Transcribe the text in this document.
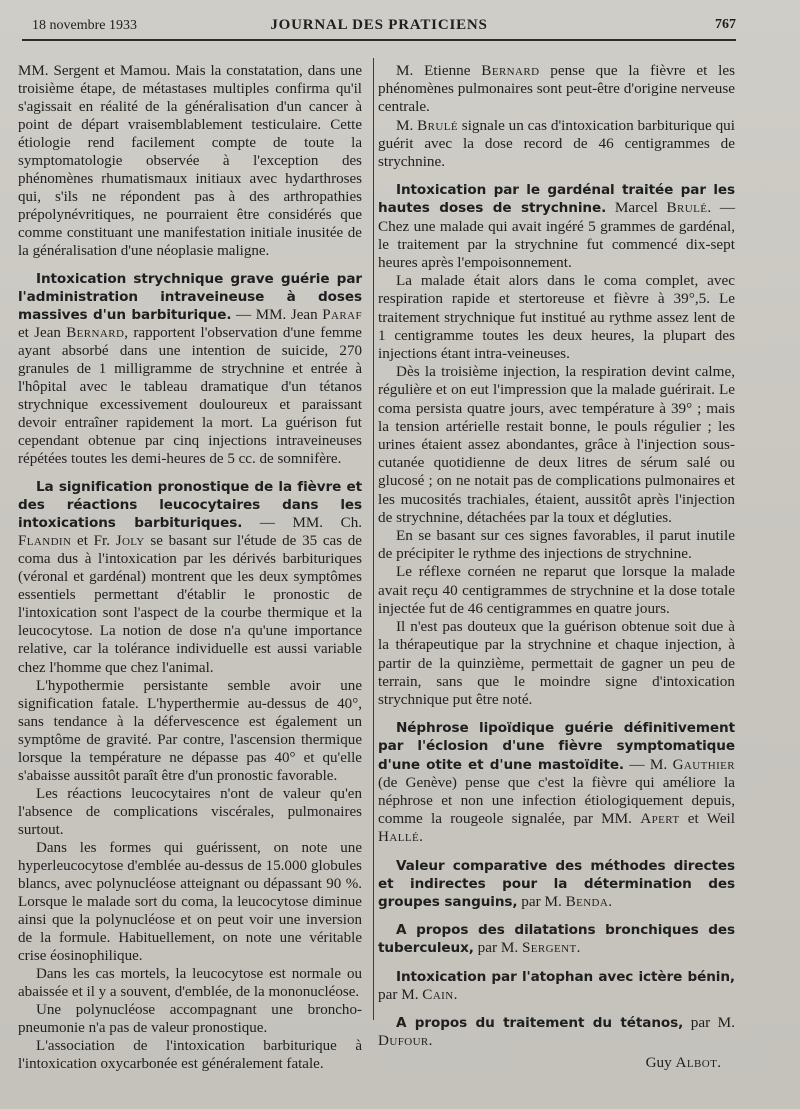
18 novembre 1933	JOURNAL DES PRATICIENS	767

MM. Sergent et Mamou. Mais la constatation, dans une troisième étape, de métastases multiples confirma qu'il s'agissait en réalité de la généralisation d'un cancer à point de départ vraisemblablement testiculaire. Cette étiologie rend facilement compte de toute la symptomatologie observée à l'exception des phénomènes rhumatismaux initiaux avec hydarthroses qui, s'ils ne répondent pas à des arthropathies prépolynévritiques, ne pourraient être considérés que comme constituant une manifestation initiale inusitée de la généralisation d'une néoplasie maligne.

Intoxication strychnique grave guérie par l'administration intraveineuse à doses massives d'un barbiturique. — MM. Jean Paraf et Jean Bernard, rapportent l'observation d'une femme ayant absorbé dans une intention de suicide, 270 granules de 1 milligramme de strychnine et entrée à l'hôpital avec le tableau dramatique d'un tétanos strychnique excessivement douloureux et paraissant devoir entraîner rapidement la mort. La guérison fut cependant obtenue par cinq injections intraveineuses répétées toutes les demi-heures de 5 cc. de somnifère.

La signification pronostique de la fièvre et des réactions leucocytaires dans les intoxications barbituriques. — MM. Ch. Flandin et Fr. Joly se basant sur l'étude de 35 cas de coma dus à l'intoxication par les dérivés barbituriques (véronal et gardénal) montrent que les deux symptômes essentiels permettant d'établir le pronostic de l'intoxication sont l'aspect de la courbe thermique et la leucocytose. La notion de dose n'a qu'une importance relative, car la tolérance individuelle est aussi variable chez l'homme que chez l'animal.

L'hypothermie persistante semble avoir une signification fatale. L'hyperthermie au-dessus de 40°, sans tendance à la défervescence est également un symptôme de gravité. Par contre, l'ascension thermique lorsque la température ne dépasse pas 40° et qu'elle s'abaisse aussitôt paraît être d'un pronostic favorable.

Les réactions leucocytaires n'ont de valeur qu'en l'absence de complications viscérales, pulmonaires surtout.

Dans les formes qui guérissent, on note une hyperleucocytose d'emblée au-dessus de 15.000 globules blancs, avec polynucléose atteignant ou dépassant 90 %. Lorsque le malade sort du coma, la leucocytose diminue ainsi que la polynucléose et on peut voir une inversion de la formule. Habituellement, on note une véritable crise éosinophilique.

Dans les cas mortels, la leucocytose est normale ou abaissée et il y a souvent, d'emblée, de la mononucléose.

Une polynucléose accompagnant une broncho-pneumonie n'a pas de valeur pronostique.

L'association de l'intoxication barbiturique à l'intoxication oxycarbonée est généralement fatale.

M. Etienne Bernard pense que la fièvre et les phénomènes pulmonaires sont peut-être d'origine nerveuse centrale.

M. Brulé signale un cas d'intoxication barbiturique qui guérit avec la dose record de 46 centigrammes de strychnine.

Intoxication par le gardénal traitée par les hautes doses de strychnine. Marcel Brulé. — Chez une malade qui avait ingéré 5 grammes de gardénal, le traitement par la strychnine fut commencé dix-sept heures après l'empoisonnement.

La malade était alors dans le coma complet, avec respiration rapide et stertoreuse et fièvre à 39°,5. Le traitement strychnique fut institué au rythme assez lent de 1 centigramme toutes les deux heures, la plupart des injections étant intra-veineuses.

Dès la troisième injection, la respiration devint calme, régulière et on eut l'impression que la malade guérirait. Le coma persista quatre jours, avec température à 39° ; mais la tension artérielle restait bonne, le pouls régulier ; les urines étaient assez abondantes, grâce à l'injection sous-cutanée quotidienne de deux litres de sérum salé ou glucosé ; on ne notait pas de complications pulmonaires et les mucosités trachiales, étaient, aussitôt après l'injection de strychnine, détachées par la toux et dégluties.

En se basant sur ces signes favorables, il parut inutile de précipiter le rythme des injections de strychnine.

Le réflexe cornéen ne reparut que lorsque la malade avait reçu 40 centigrammes de strychnine et la dose totale injectée fut de 46 centigrammes en quatre jours.

Il n'est pas douteux que la guérison obtenue soit due à la thérapeutique par la strychnine et chaque injection, à partir de la quinzième, permettait de gagner un peu de terrain, sans que le moindre signe d'intoxication strychnique put être noté.

Néphrose lipoïdique guérie définitivement par l'éclosion d'une fièvre symptomatique d'une otite et d'une mastoïdite. — M. Gauthier (de Genève) pense que c'est la fièvre qui améliore la néphrose et non une infection étiologiquement depuis, comme la rougeole signalée, par MM. Apert et Weil Hallé.

Valeur comparative des méthodes directes et indirectes pour la détermination des groupes sanguins, par M. Benda.

A propos des dilatations bronchiques des tuberculeux, par M. Sergent.

Intoxication par l'atophan avec ictère bénin, par M. Cain.

A propos du traitement du tétanos, par M. Dufour.

Guy Albot.
